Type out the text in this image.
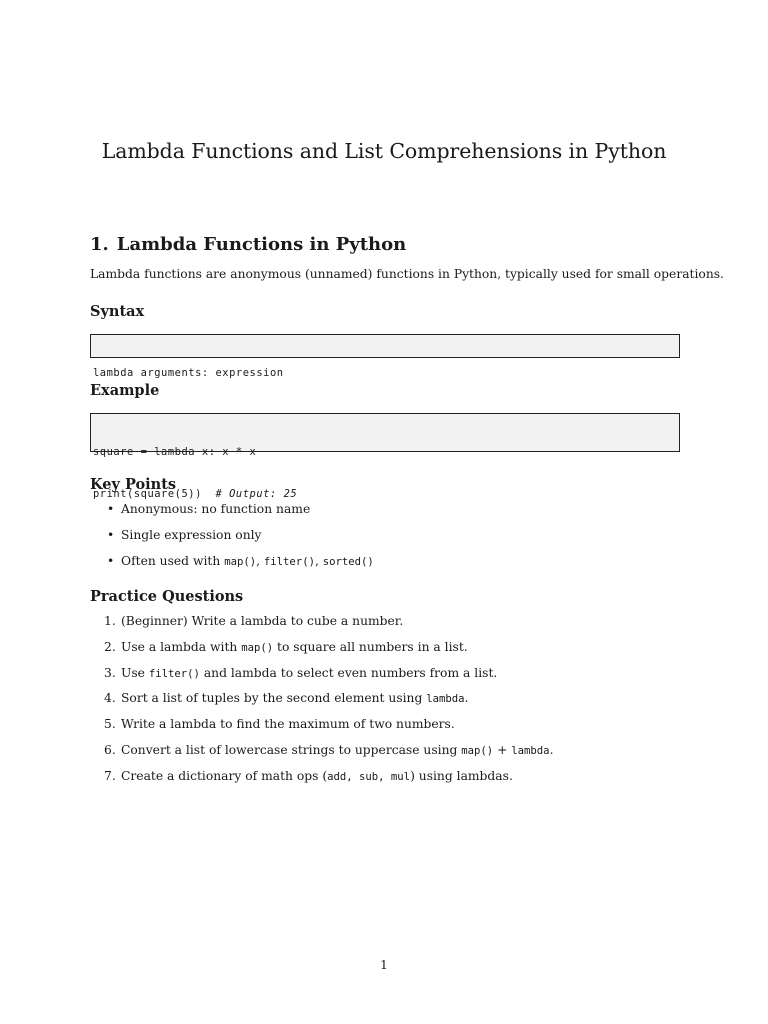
Lambda Functions and List Comprehensions in Python
1. Lambda Functions in Python

Lambda functions are anonymous (unnamed) functions in Python, typically used for small operations.

Syntax

lambda arguments: expression

Example

square = lambda x: x * x

print(square(5))  # Output: 25

Key Points
• Anonymous: no function name
• Single expression only
• Often used with map(), filter(), sorted()
Practice Questions
1. (Beginner) Write a lambda to cube a number.
2. Use a lambda with map() to square all numbers in a list.
3. Use filter() and lambda to select even numbers from a list.
4. Sort a list of tuples by the second element using lambda.
5. Write a lambda to find the maximum of two numbers.
6. Convert a list of lowercase strings to uppercase using map() + lambda.
7. Create a dictionary of math ops (add, sub, mul) using lambdas.
1
